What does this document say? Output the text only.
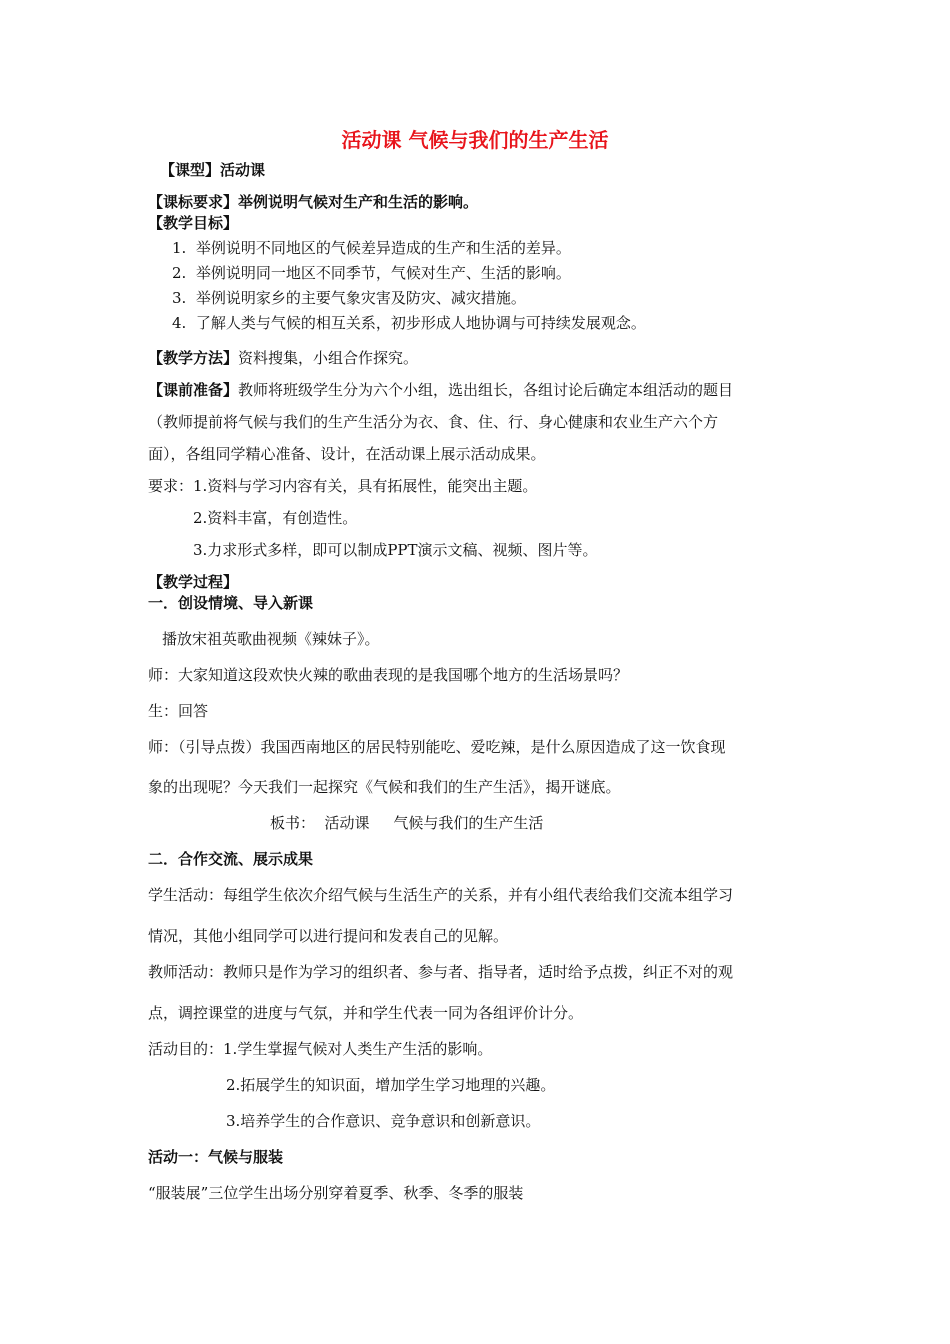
活动课 气候与我们的生产生活
【课型】活动课
【课标要求】举例说明气候对生产和生活的影响。
【教学目标】
1. 举例说明不同地区的气候差异造成的生产和生活的差异。
2. 举例说明同一地区不同季节，气候对生产、生活的影响。
3. 举例说明家乡的主要气象灾害及防灾、减灾措施。
4. 了解人类与气候的相互关系，初步形成人地协调与可持续发展观念。
【教学方法】资料搜集，小组合作探究。
【课前准备】教师将班级学生分为六个小组，选出组长，各组讨论后确定本组活动的题目
（教师提前将气候与我们的生产生活分为衣、食、住、行、身心健康和农业生产六个方
面），各组同学精心准备、设计，在活动课上展示活动成果。
要求：1.资料与学习内容有关，具有拓展性，能突出主题。
2.资料丰富，有创造性。
3.力求形式多样，即可以制成PPT演示文稿、视频、图片等。
【教学过程】
一．创设情境、导入新课
播放宋祖英歌曲视频《辣妹子》。
师：大家知道这段欢快火辣的歌曲表现的是我国哪个地方的生活场景吗？
生：回答
师：（引导点拨）我国西南地区的居民特别能吃、爱吃辣，是什么原因造成了这一饮食现
象的出现呢？今天我们一起探究《气候和我们的生产生活》，揭开谜底。
板书：  活动课     气候与我们的生产生活
二．合作交流、展示成果
学生活动：每组学生依次介绍气候与生活生产的关系，并有小组代表给我们交流本组学习
情况，其他小组同学可以进行提问和发表自己的见解。
教师活动：教师只是作为学习的组织者、参与者、指导者，适时给予点拨，纠正不对的观
点，调控课堂的进度与气氛，并和学生代表一同为各组评价计分。
活动目的：1.学生掌握气候对人类生产生活的影响。
2.拓展学生的知识面，增加学生学习地理的兴趣。
3.培养学生的合作意识、竞争意识和创新意识。
活动一：气候与服装
“服装展”三位学生出场分别穿着夏季、秋季、冬季的服装
